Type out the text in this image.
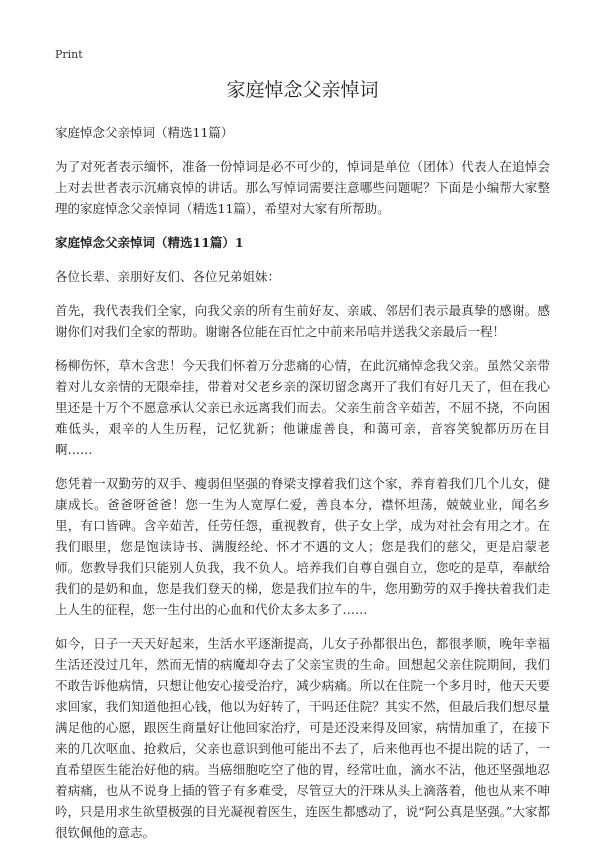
Print
家庭悼念父亲悼词

家庭悼念父亲悼词（精选11篇）

为了对死者表示缅怀，准备一份悼词是必不可少的，悼词是单位（团体）代表人在追悼会上对去世者表示沉痛哀悼的讲话。那么写悼词需要注意哪些问题呢？下面是小编帮大家整理的家庭悼念父亲悼词（精选11篇），希望对大家有所帮助。

家庭悼念父亲悼词（精选11篇）1

各位长辈、亲朋好友们、各位兄弟姐妹：

首先，我代表我们全家，向我父亲的所有生前好友、亲戚、邻居们表示最真挚的感谢。感谢你们对我们全家的帮助。谢谢各位能在百忙之中前来吊唁并送我父亲最后一程！

杨柳伤怀，草木含悲！今天我们怀着万分悲痛的心情，在此沉痛悼念我父亲。虽然父亲带着对儿女亲情的无限牵挂，带着对父老乡亲的深切留念离开了我们有好几天了，但在我心里还是十万个不愿意承认父亲已永远离我们而去。父亲生前含辛茹苦，不屈不挠，不向困难低头，艰辛的人生历程，记忆犹新；他谦虚善良，和蔼可亲，音容笑貌都历历在目啊……

您凭着一双勤劳的双手、瘦弱但坚强的脊梁支撑着我们这个家，养育着我们几个儿女，健康成长。爸爸呀爸爸！您一生为人宽厚仁爱，善良本分，襟怀坦荡，兢兢业业，闻名乡里，有口皆碑。含辛茹苦，任劳任怨，重视教育，供子女上学，成为对社会有用之才。在我们眼里，您是饱读诗书、满腹经纶、怀才不遇的文人；您是我们的慈父，更是启蒙老师。您教导我们只能别人负我，我不负人。培养我们自尊自强自立，您吃的是草，奉献给我们的是奶和血，您是我们登天的梯，您是我们拉车的牛，您用勤劳的双手搀扶着我们走上人生的征程，您一生付出的心血和代价太多太多了……

如今，日子一天天好起来，生活水平逐渐提高，儿女子孙都很出色，都很孝顺，晚年幸福生活还没过几年，然而无情的病魔却夺去了父亲宝贵的生命。回想起父亲住院期间，我们不敢告诉他病情，只想让他安心接受治疗，减少病痛。所以在住院一个多月时，他天天要求回家，我们知道他担心钱，他以为好转了，干吗还住院？其实不然，但最后我们想尽量满足他的心愿，跟医生商量好让他回家治疗，可是还没来得及回家，病情加重了，在接下来的几次呕血、抢救后，父亲也意识到他可能出不去了，后来他再也不提出院的话了，一直希望医生能治好他的病。当癌细胞吃空了他的胃，经常吐血，滴水不沾，他还坚强地忍着病痛，也从不说身上插的管子有多难受，尽管豆大的汗珠从头上滴落着，他也从来不呻吟，只是用求生欲望极强的目光凝视着医生，连医生都感动了，说“阿公真是坚强。”大家都很钦佩他的意志。
